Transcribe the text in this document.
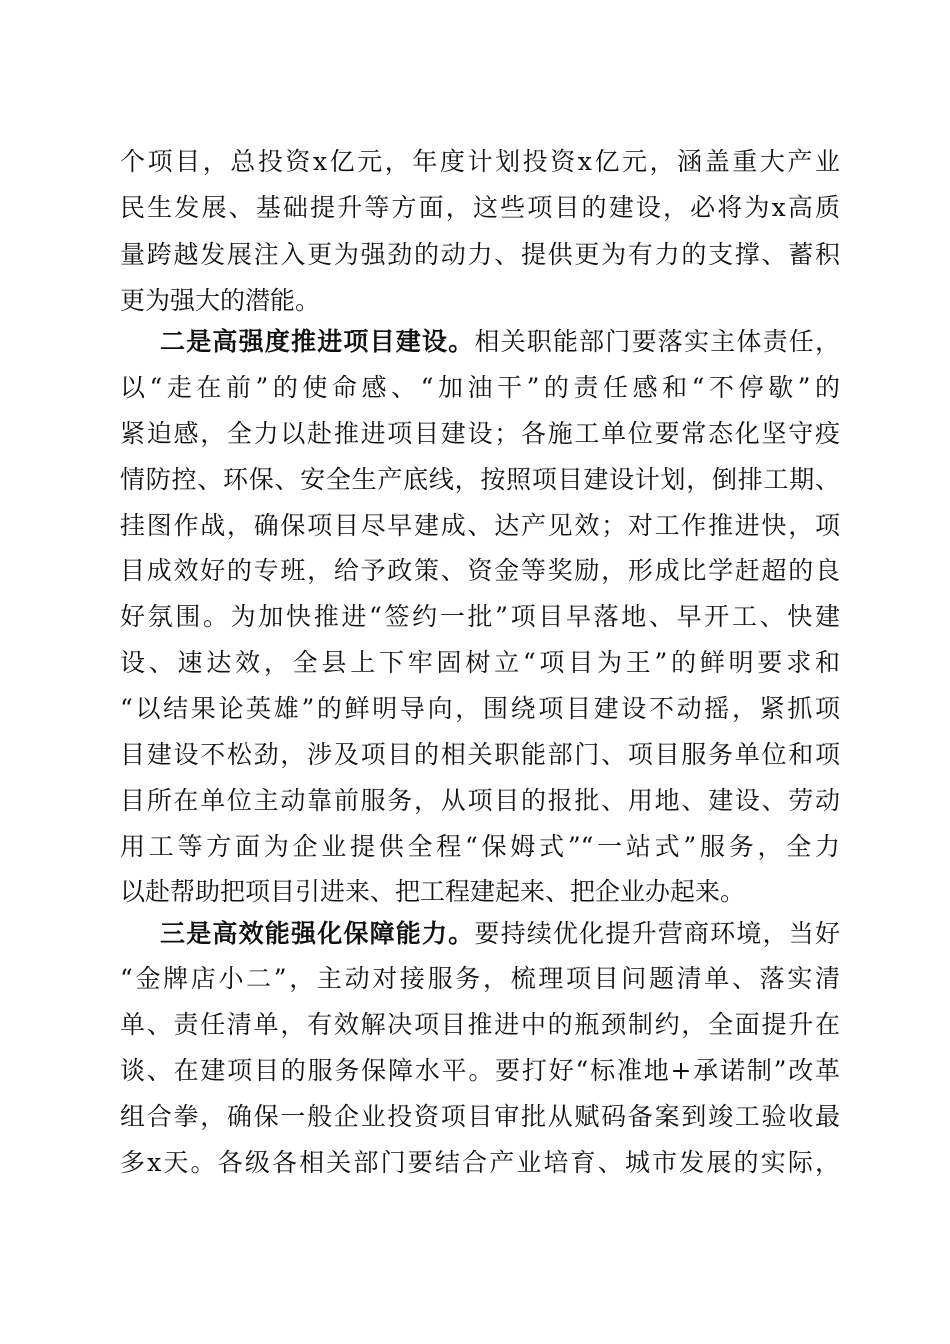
个项目，总投资x亿元，年度计划投资x亿元，涵盖重大产业
民生发展、基础提升等方面，这些项目的建设，必将为x高质
量跨越发展注入更为强劲的动力、提供更为有力的支撑、蓄积
更为强大的潜能。
二是高强度推进项目建设。相关职能部门要落实主体责任，
以“走在前”的使命感、“加油干”的责任感和“不停歇”的
紧迫感，全力以赴推进项目建设；各施工单位要常态化坚守疫
情防控、环保、安全生产底线，按照项目建设计划，倒排工期、
挂图作战，确保项目尽早建成、达产见效；对工作推进快，项
目成效好的专班，给予政策、资金等奖励，形成比学赶超的良
好氛围。为加快推进“签约一批”项目早落地、早开工、快建
设、速达效，全县上下牢固树立“项目为王”的鲜明要求和
“以结果论英雄”的鲜明导向，围绕项目建设不动摇，紧抓项
目建设不松劲，涉及项目的相关职能部门、项目服务单位和项
目所在单位主动靠前服务，从项目的报批、用地、建设、劳动
用工等方面为企业提供全程“保姆式”“一站式”服务，全力
以赴帮助把项目引进来、把工程建起来、把企业办起来。
三是高效能强化保障能力。要持续优化提升营商环境，当好
“金牌店小二”，主动对接服务，梳理项目问题清单、落实清
单、责任清单，有效解决项目推进中的瓶颈制约，全面提升在
谈、在建项目的服务保障水平。要打好“标准地+承诺制”改革
组合拳，确保一般企业投资项目审批从赋码备案到竣工验收最
多x天。各级各相关部门要结合产业培育、城市发展的实际，
